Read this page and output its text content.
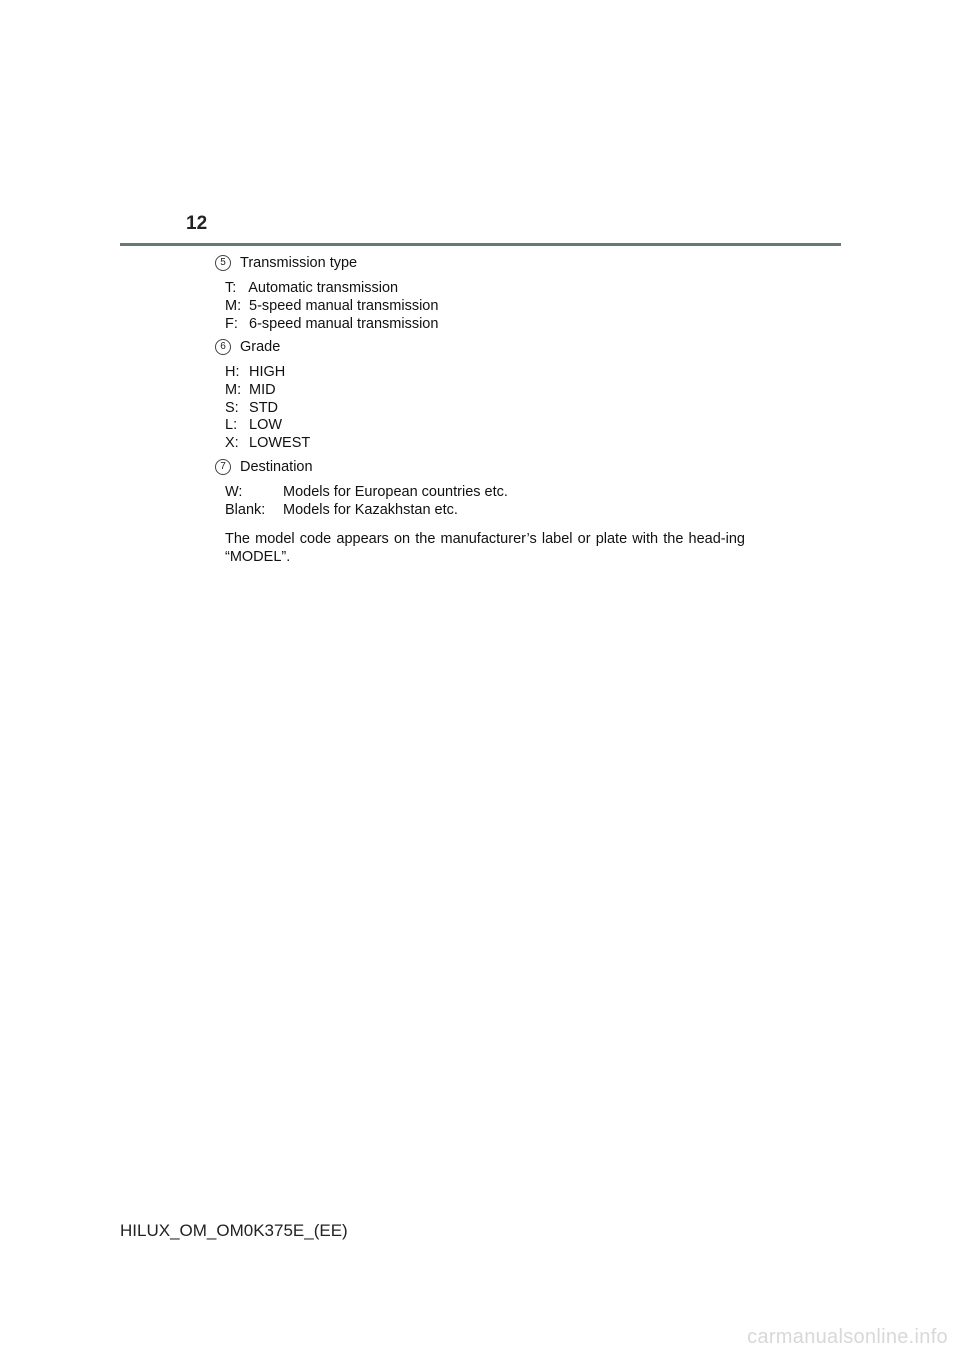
12
5 Transmission type
T: Automatic transmission
M: 5-speed manual transmission
F: 6-speed manual transmission
6 Grade
H: HIGH
M: MID
S: STD
L: LOW
X: LOWEST
7 Destination
W:	Models for European countries etc.
Blank: Models for Kazakhstan etc.
The model code appears on the manufacturer’s label or plate with the head-ing “MODEL”.
HILUX_OM_OM0K375E_(EE)
carmanualsonline.info
